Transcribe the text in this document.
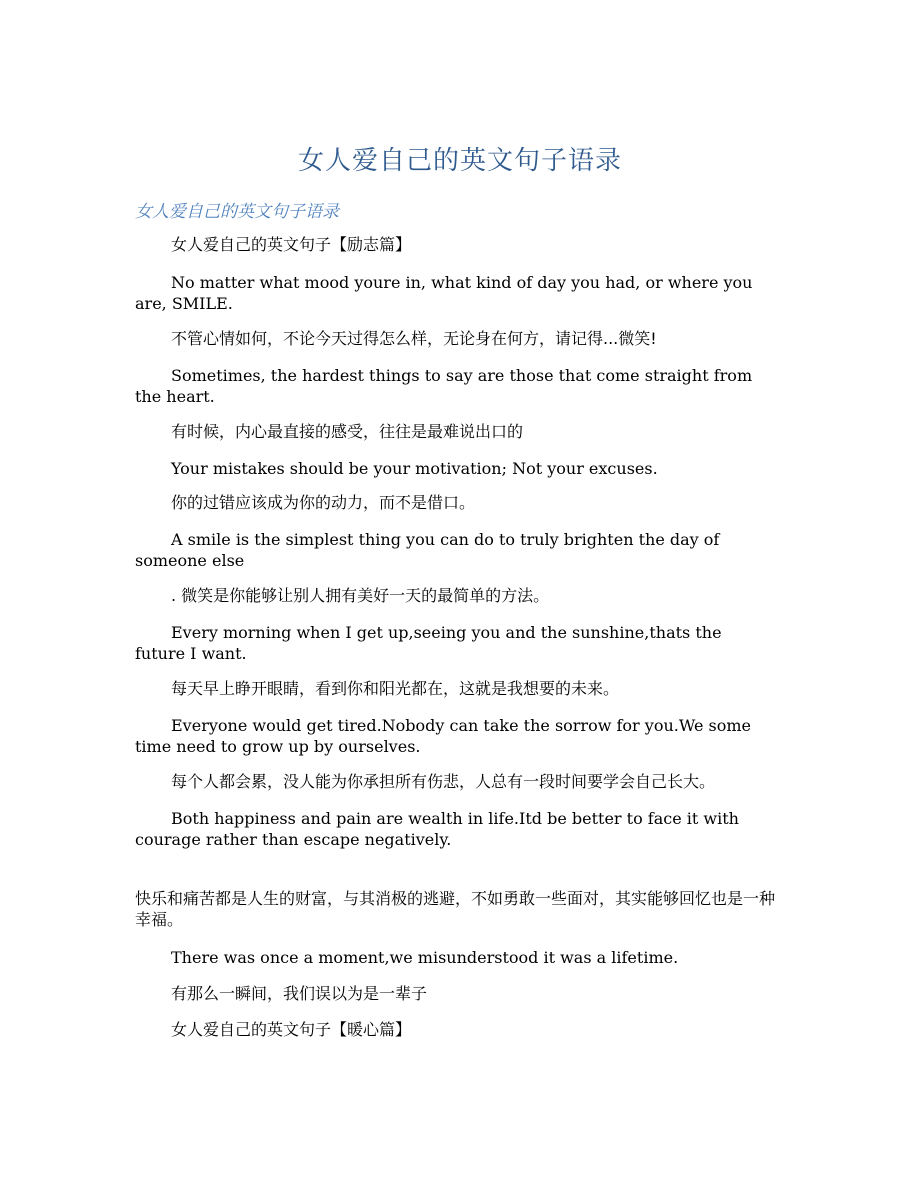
女人爱自己的英文句子语录
女人爱自己的英文句子语录

女人爱自己的英文句子【励志篇】

No matter what mood youre in, what kind of day you had, or where you are, SMILE.

不管心情如何，不论今天过得怎么样，无论身在何方，请记得...微笑!

Sometimes, the hardest things to say are those that come straight from the heart.

有时候，内心最直接的感受，往往是最难说出口的

Your mistakes should be your motivation; Not your excuses.

你的过错应该成为你的动力，而不是借口。

A smile is the simplest thing you can do to truly brighten the day of someone else

. 微笑是你能够让别人拥有美好一天的最简单的方法。

Every morning when I get up,seeing you and the sunshine,thats the future I want.

每天早上睁开眼睛，看到你和阳光都在，这就是我想要的未来。

Everyone would get tired.Nobody can take the sorrow for you.We some time need to grow up by ourselves.

每个人都会累，没人能为你承担所有伤悲，人总有一段时间要学会自己长大。

Both happiness and pain are wealth in life.Itd be better to face it with courage rather than escape negatively.

快乐和痛苦都是人生的财富，与其消极的逃避，不如勇敢一些面对，其实能够回忆也是一种幸福。

There was once a moment,we misunderstood it was a lifetime.

有那么一瞬间，我们误以为是一辈子

女人爱自己的英文句子【暖心篇】
